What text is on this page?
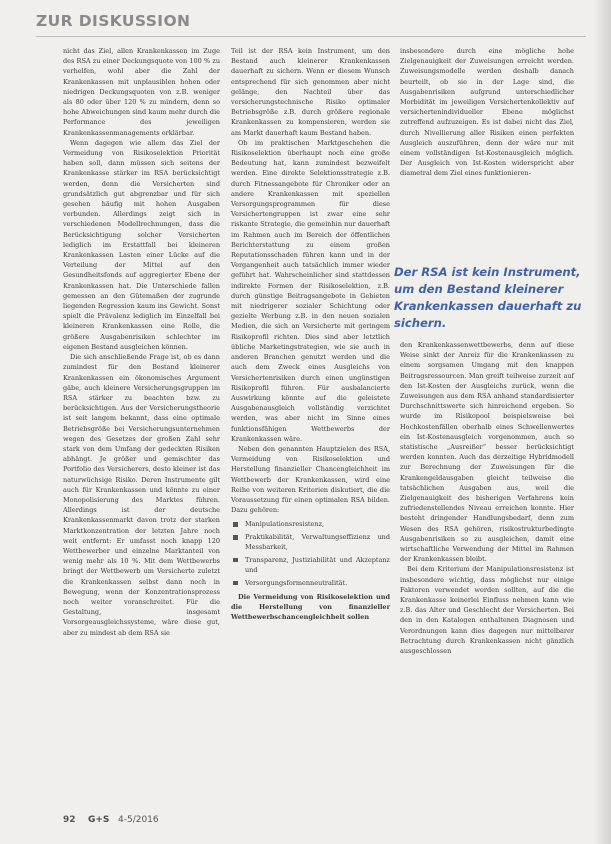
ZUR DISKUSSION

nicht das Ziel, allen Krankenkassen im Zuge des RSA zu einer Deckungsquote von 100 % zu verhelfen, wohl aber die Zahl der Krankenkassen mit unplausiblen hohen oder niedrigen Deckungsquoten von z.B. weniger als 80 oder über 120 % zu mindern, denn so hohe Abweichungen sind kaum mehr durch die Performance des jeweiligen Krankenkassenmanagements erklärbar.

Wenn dagegen wie allem das Ziel der Vermeidung von Risikoselektion Priorität haben soll, dann müssen sich seitens der Krankenkasse stärker im RSA berücksichtigt werden, denn die Versicherten sind grundsätzlich gut abgrenzbar und für sich gesehen häufig mit hohen Ausgaben verbunden. Allerdings zeigt sich in verschiedenen Modellrechnungen, dass die Berücksichtigung solcher Versicherten lediglich im Erstattfall bei kleineren Krankenkassen Lasten einer Lücke auf die Verteilung der Mittel auf den Gesundheitsfonds auf aggregierter Ebene der Krankenkassen hat. Die Unterschiede fallen gemessen an den Gütemaßen der zugrunde liegenden Regression kaum ins Gewicht. Sonst spielt die Prävalenz lediglich im Einzelfall bei kleineren Krankenkassen eine Rolle, die größere Ausgabenrisiken schlechter im eigenen Bestand ausgleichen können.

Die sich anschließende Frage ist, ob es dann zumindest für den Bestand kleinerer Krankenkassen ein ökonomisches Argument gäbe, auch kleinere Versicherungsgruppen im RSA stärker zu beachten bzw. zu berücksichtigen. Aus der Versicherungstheorie ist seit langem bekannt, dass eine optimale Betriebsgröße bei Versicherungsunternehmen wegen des Gesetzes der großen Zahl sehr stark von dem Umfang der gedeckten Risiken abhängt. Je größer und gemischter das Portfolio des Versicherers, desto kleiner ist das naturwüchsige Risiko. Deren Instrumente gilt auch für Krankenkassen und könnte zu einer Monopolisierung des Marktes führen. Allerdings ist der deutsche Krankenkassenmarkt davon trotz der starken Marktkonzentration der letzten Jahre noch weit entfernt: Er umfasst noch knapp 120 Wettbewerber und einzelne Marktanteil von wenig mehr als 10 %. Mit dem Wettbewerbs bringt der Wettbewerb um Versicherte zuletzt die Krankenkassen selbst dann noch in Bewegung, wenn der Konzentrationsprozess noch weiter voranschreitet. Für die Gestaltung, insgesamt Vorsorgeausgleichssysteme, wäre diese gut, aber zu mindest ab dem RSA sie

Teil ist der RSA kein Instrument, um den Bestand auch kleinerer Krankenkassen dauerhaft zu sichern. Wenn er diesem Wunsch entsprechend für sich genommen aber nicht gelänge, den Nachteil über das versicherungstechnische Risiko optimaler Betriebsgröße z.B. durch größere regionale Krankenkassen zu kompensieren, werden sie am Markt dauerhaft kaum Bestand haben.

Ob im praktischen Marktgeschehen die Risikoselektion überhaupt noch eine große Bedeutung hat, kann zumindest bezweifelt werden. Eine direkte Selektionsstrategie z.B. durch Fitnessangebote für Chroniker oder an andere Krankenkassen mit speziellen Versorgungsprogrammen für diese Versichertengruppen ist zwar eine sehr riskante Strategie, die gemeinhin nur dauerhaft im Rahmen auch im Bereich der öffentlichen Berichterstattung zu einem großen Reputationsschaden führen kann und in der Vergangenheit auch tatsächlich immer wieder geführt hat. Wahrscheinlicher sind stattdessen indirekte Formen der Risikoselektion, z.B. durch günstige Beitragsangebote in Gebieten mit niedrigerer sozialer Schichtung oder gezielte Werbung z.B. in den neuen sozialen Medien, die sich an Versicherte mit geringem Risikoprofil richten. Dies sind aber letztlich übliche Marketingstrategien, wie sie auch in anderen Branchen genutzt werden und die auch dem Zweck eines Ausgleichs von Versichertenrisiken durch einen ungünstigen Risikoprofil führen. Für ausbalancierte Auswirkung könnte auf die geleistete Ausgabenausgleich vollständig verzichtet werden, was aber nicht im Sinne eines funktionsfähigen Wettbewerbs der Krankenkassen wäre.

Neben den genannten Hauptzielen des RSA, Vermeidung von Risikoselektion und Herstellung finanzieller Chancengleichheit im Wettbewerb der Krankenkassen, wird eine Reihe von weiteren Kriterien diskutiert, die die Voraussetzung für einen optimalen RSA bilden. Dazu gehören:

Manipulationsresistenz,
Praktikabilität, Verwaltungseffizienz und Messbarkeit,
Transparenz, Justiziabilität und Akzeptanz und
Versorgungsformenneutralität.

Die Vermeidung von Risikoselektion und die Herstellung von finanzieller Wettbewerbschancengleichheit sollen

insbesondere durch eine mögliche hohe Zielgenauigkeit der Zuweisungen erreicht werden. Zuweisungsmodelle werden deshalb danach beurteilt, ob sie in der Lage sind, die Ausgabenrisiken aufgrund unterschiedlicher Morbidität im jeweiligen Versichertenkollektiv auf versichertenindividueller Ebene möglichst zutreffend aufzuzeigen. Es ist dabei nicht das Ziel, durch Nivellierung aller Risiken einen perfekten Ausgleich auszuführen, denn der wäre nur mit einem vollständigen Ist-Kostenausgleich möglich. Der Ausgleich von Ist-Kosten widerspricht aber diametral dem Ziel eines funktionieren-

Der RSA ist kein Instrument, um den Bestand kleinerer Krankenkassen dauerhaft zu sichern.

den Krankenkassenwettbewerbs, denn auf diese Weise sinkt der Anreiz für die Krankenkassen zu einem sorgsamen Umgang mit den knappen Beitragsressourcen. Man greift teilweise zurzeit auf den Ist-Kosten der Ausgleichs zurück, wenn die Zuweisungen aus dem RSA anhand standardisierter Durchschnittswerte sich hinreichend ergeben. So wurde im Risikopool beispielsweise bei Hochkostenfällen oberhalb eines Schwellenwertes ein Ist-Kostenausgleich vorgenommen, auch so statistische „Ausreißer“ besser berücksichtigt werden konnten. Auch das derzeitige Hybridmodell zur Berechnung der Zuweisungen für die Krankengeldausgaben gleicht teilweise die tatsächlichen Ausgaben aus, weil die Zielgenauigkeit des bisherigen Verfahrens kein zufriedenstellendes Niveau erreichen konnte. Hier besteht dringender Handlungsbedarf, denn zum Wesen des RSA gehören, risikostrukturbedingte Ausgabenrisiken so zu ausgleichen, damit eine wirtschaftliche Verwendung der Mittel im Rahmen der Krankenkassen bleibt.

Bei dem Kriterium der Manipulationsresistenz ist insbesondere wichtig, dass möglichst nur einige Faktoren verwendet werden sollten, auf die die Krankenkasse keinerlei Einfluss nehmen kann wie z.B. das Alter und Geschlecht der Versicherten. Bei den in den Katalogen enthaltenen Diagnosen und Verordnungen kann dies dagegen nur mittelbarer Betrachtung durch Krankenkassen nicht gänzlich ausgeschlossen

92 G+S 4-5/2016
